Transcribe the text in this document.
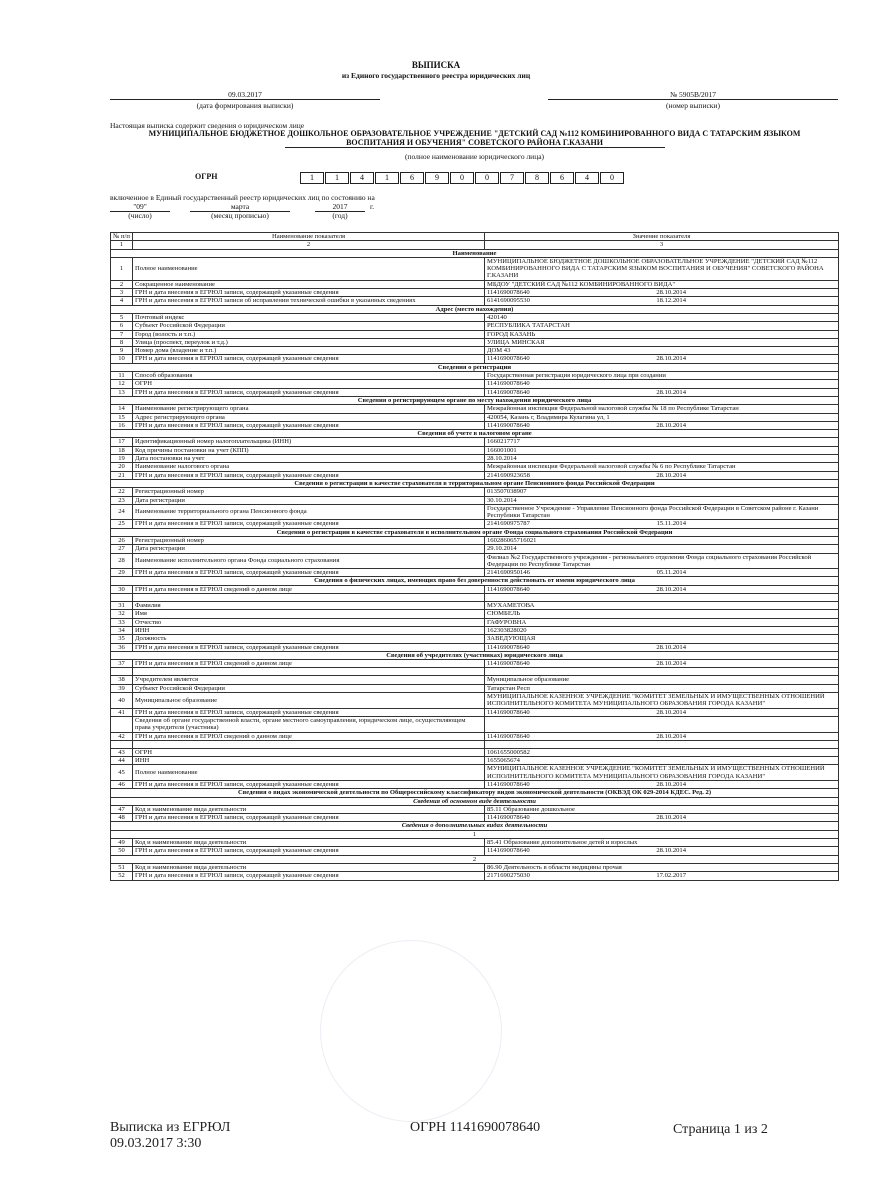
ВЫПИСКА
из Единого государственного реестра юридических лиц
09.03.2017
(дата формирования выписки)
№ 5905В/2017
(номер выписки)
Настоящая выписка содержит сведения о юридическом лице
МУНИЦИПАЛЬНОЕ БЮДЖЕТНОЕ ДОШКОЛЬНОЕ ОБРАЗОВАТЕЛЬНОЕ УЧРЕЖДЕНИЕ "ДЕТСКИЙ САД №112 КОМБИНИРОВАННОГО ВИДА С ТАТАРСКИМ ЯЗЫКОМ
ВОСПИТАНИЯ И ОБУЧЕНИЯ" СОВЕТСКОГО РАЙОНА Г.КАЗАНИ
(полное наименование юридического лица)
ОГРН	1	1	4	1	6	9	0	0	7	8	6	4	0
включенное в Единый государственный реестр юридических лиц по состоянию на
"09"	марта	2017	г.
(число)	(месяц прописью)	(год)
№ п/п	Наименование показателя	Значение показателя
1	2	3
Наименование		
1	Полное наименование	МУНИЦИПАЛЬНОЕ БЮДЖЕТНОЕ ДОШКОЛЬНОЕ ОБРАЗОВАТЕЛЬНОЕ УЧРЕЖДЕНИЕ "ДЕТСКИЙ САД №112 КОМБИНИРОВАННОГО ВИДА С ТАТАРСКИМ ЯЗЫКОМ ВОСПИТАНИЯ И ОБУЧЕНИЯ" СОВЕТСКОГО РАЙОНА Г.КАЗАНИ
2	Сокращенное наименование	МБДОУ "ДЕТСКИЙ САД №112 КОМБИНИРОВАННОГО ВИДА"
3	ГРН и дата внесения в ЕГРЮЛ записи, содержащей указанные сведения	1141690078640 28.10.2014

4	ГРН и дата внесения в ЕГРЮЛ записи об исправлении технической ошибки в указанных сведениях	6141690095530 18.12.2014

Адрес (место нахождения)		
5	Почтовый индекс	420140
6	Субъект Российской Федерации	РЕСПУБЛИКА ТАТАРСТАН
7	Город (волость и т.п.)	ГОРОД КАЗАНЬ
8	Улица (проспект, переулок и т.д.)	УЛИЦА МИНСКАЯ
9	Номер дома (владение и т.п.)	ДОМ 43
10	ГРН и дата внесения в ЕГРЮЛ записи, содержащей указанные сведения	1141690078640 28.10.2014

Сведения о регистрации		
11	Способ образования	Государственная регистрация юридического лица при создании
12	ОГРН	1141690078640
13	ГРН и дата внесения в ЕГРЮЛ записи, содержащей указанные сведения	1141690078640 28.10.2014

Сведения о регистрирующем органе по месту нахождения юридического лица		
14	Наименование регистрирующего органа	Межрайонная инспекция Федеральной налоговой службы № 18 по Республике Татарстан
15	Адрес регистрирующего органа	420054, Казань г, Владимира Кулагина ул, 1
16	ГРН и дата внесения в ЕГРЮЛ записи, содержащей указанные сведения	1141690078640 28.10.2014

Сведения об учете в налоговом органе		
17	Идентификационный номер налогоплательщика (ИНН)	1660217717
18	Код причины постановки на учет (КПП)	166001001
19	Дата постановки на учет	28.10.2014
20	Наименование налогового органа	Межрайонная инспекция Федеральной налоговой службы № 6 по Республике Татарстан
21	ГРН и дата внесения в ЕГРЮЛ записи, содержащей указанные сведения	2141690923658 28.10.2014

Сведения о регистрации в качестве страхователя в территориальном органе Пенсионного фонда Российской Федерации		
22	Регистрационный номер	013507038907
23	Дата регистрации	30.10.2014
24	Наименование территориального органа Пенсионного фонда	Государственное Учреждение - Управление Пенсионного фонда Российской Федерации в Советском районе г. Казани Республики Татарстан
25	ГРН и дата внесения в ЕГРЮЛ записи, содержащей указанные сведения	2141690975787 15.11.2014

Сведения о регистрации в качестве страхователя в исполнительном органе Фонда социального страхования Российской Федерации		
26	Регистрационный номер	160286065716021
27	Дата регистрации	29.10.2014
28	Наименование исполнительного органа Фонда социального страхования	Филиал №2 Государственного учреждения - регионального отделения Фонда социального страхования Российской Федерации по Республике Татарстан
29	ГРН и дата внесения в ЕГРЮЛ записи, содержащей указанные сведения	2141690950146 05.11.2014

Сведения о физических лицах, имеющих право без доверенности действовать от имени юридического лица		
30	ГРН и дата внесения в ЕГРЮЛ сведений о данном лице	1141690078640 28.10.2014

31	Фамилия	МУХАМЕТОВА
32	Имя	СЮМБЕЛЬ
33	Отчество	ГАФУРОВНА
34	ИНН	162303828020
35	Должность	ЗАВЕДУЮЩАЯ
36	ГРН и дата внесения в ЕГРЮЛ записи, содержащей указанные сведения	1141690078640 28.10.2014

Сведения об учредителях (участниках) юридического лица		
37	ГРН и дата внесения в ЕГРЮЛ сведений о данном лице	1141690078640 28.10.2014

38	Учредителем является	Муниципальное образование
39	Субъект Российской Федерации	Татарстан Респ
40	Муниципальное образование	МУНИЦИПАЛЬНОЕ КАЗЕННОЕ УЧРЕЖДЕНИЕ "КОМИТЕТ ЗЕМЕЛЬНЫХ И ИМУЩЕСТВЕННЫХ ОТНОШЕНИЙ ИСПОЛНИТЕЛЬНОГО КОМИТЕТА МУНИЦИПАЛЬНОГО ОБРАЗОВАНИЯ ГОРОДА КАЗАНИ"
41	ГРН и дата внесения в ЕГРЮЛ записи, содержащей указанные сведения	1141690078640 28.10.2014

	Сведения об органе государственной власти, органе местного самоуправления, юридическом лице, осуществляющем права учредителя (участника)	
42	ГРН и дата внесения в ЕГРЮЛ сведений о данном лице	1141690078640 28.10.2014

43	ОГРН	1061655000582
44	ИНН	1655065674
45	Полное наименование	МУНИЦИПАЛЬНОЕ КАЗЕННОЕ УЧРЕЖДЕНИЕ "КОМИТЕТ ЗЕМЕЛЬНЫХ И ИМУЩЕСТВЕННЫХ ОТНОШЕНИЙ ИСПОЛНИТЕЛЬНОГО КОМИТЕТА МУНИЦИПАЛЬНОГО ОБРАЗОВАНИЯ ГОРОДА КАЗАНИ"
46	ГРН и дата внесения в ЕГРЮЛ записи, содержащей указанные сведения	1141690078640 28.10.2014

Сведения о видах экономической деятельности по Общероссийскому классификатору видов экономической деятельности (ОКВЭД ОК 029-2014 КДЕС. Ред. 2)		
Сведения об основном виде деятельности		
47	Код и наименование вида деятельности	85.11 Образование дошкольное
48	ГРН и дата внесения в ЕГРЮЛ записи, содержащей указанные сведения	1141690078640 28.10.2014

Сведения о дополнительных видах деятельности		
1		
49	Код и наименование вида деятельности	85.41 Образование дополнительное детей и взрослых
50	ГРН и дата внесения в ЕГРЮЛ записи, содержащей указанные сведения	1141690078640 28.10.2014

2		
51	Код и наименование вида деятельности	86.90 Деятельность в области медицины прочая
52	ГРН и дата внесения в ЕГРЮЛ записи, содержащей указанные сведения	2171690275030 17.02.2017
Выписка из ЕГРЮЛ
09.03.2017 3:30
ОГРН 1141690078640	Страница 1 из 2
